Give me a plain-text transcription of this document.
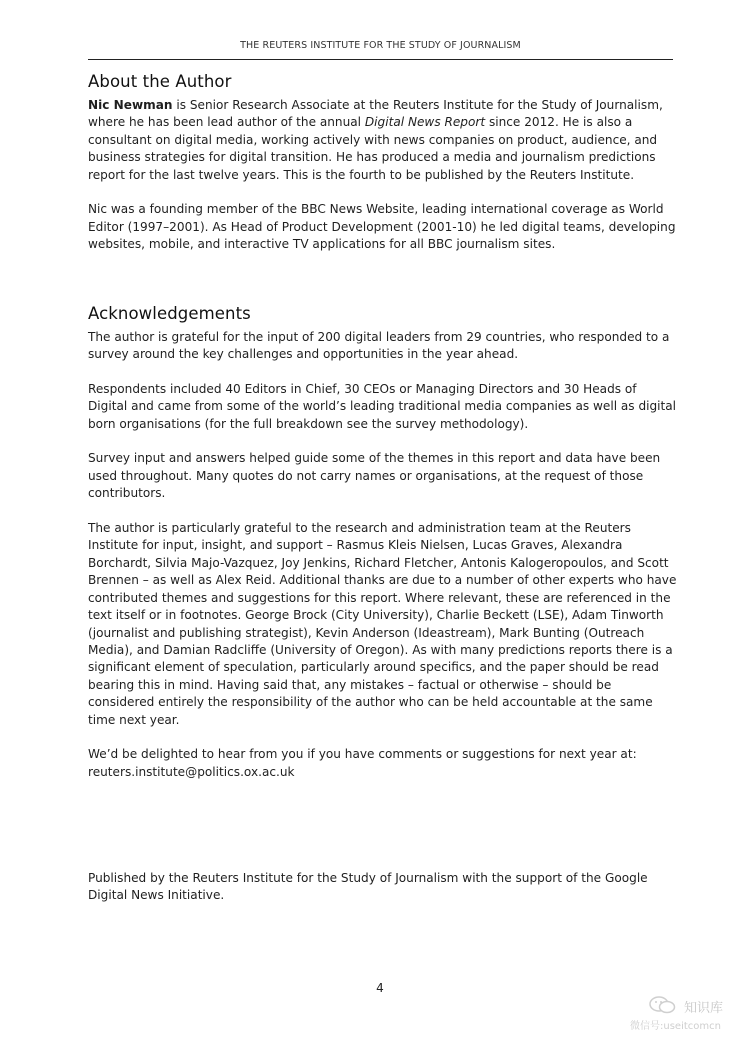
THE REUTERS INSTITUTE FOR THE STUDY OF JOURNALISM
About the Author

Nic Newman is Senior Research Associate at the Reuters Institute for the Study of Journalism, where he has been lead author of the annual Digital News Report since 2012. He is also a consultant on digital media, working actively with news companies on product, audience, and business strategies for digital transition. He has produced a media and journalism predictions report for the last twelve years. This is the fourth to be published by the Reuters Institute.

Nic was a founding member of the BBC News Website, leading international coverage as World Editor (1997–2001). As Head of Product Development (2001-10) he led digital teams, developing websites, mobile, and interactive TV applications for all BBC journalism sites.

Acknowledgements

The author is grateful for the input of 200 digital leaders from 29 countries, who responded to a survey around the key challenges and opportunities in the year ahead.

Respondents included 40 Editors in Chief, 30 CEOs or Managing Directors and 30 Heads of Digital and came from some of the world’s leading traditional media companies as well as digital born organisations (for the full breakdown see the survey methodology).

Survey input and answers helped guide some of the themes in this report and data have been used throughout. Many quotes do not carry names or organisations, at the request of those contributors.

The author is particularly grateful to the research and administration team at the Reuters Institute for input, insight, and support – Rasmus Kleis Nielsen, Lucas Graves, Alexandra Borchardt, Silvia Majo-Vazquez, Joy Jenkins, Richard Fletcher, Antonis Kalogeropoulos, and Scott Brennen – as well as Alex Reid. Additional thanks are due to a number of other experts who have contributed themes and suggestions for this report. Where relevant, these are referenced in the text itself or in footnotes. George Brock (City University), Charlie Beckett (LSE), Adam Tinworth (journalist and publishing strategist), Kevin Anderson (Ideastream), Mark Bunting (Outreach Media), and Damian Radcliffe (University of Oregon). As with many predictions reports there is a significant element of speculation, particularly around specifics, and the paper should be read bearing this in mind. Having said that, any mistakes – factual or otherwise – should be considered entirely the responsibility of the author who can be held accountable at the same time next year.

We’d be delighted to hear from you if you have comments or suggestions for next year at: reuters.institute@politics.ox.ac.uk

Published by the Reuters Institute for the Study of Journalism with the support of the Google Digital News Initiative.
4
知识库
微信号:useitcomcn
